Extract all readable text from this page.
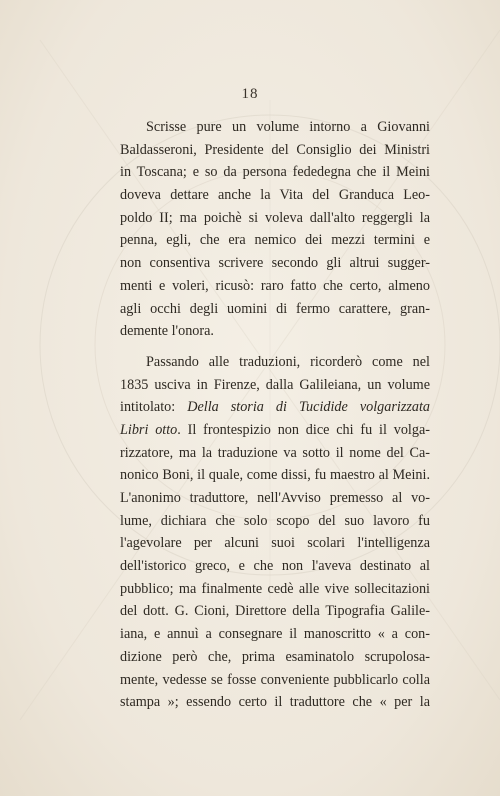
18
Scrisse pure un volume intorno a Giovanni
Baldasseroni, Presidente del Consiglio dei Ministri
in Toscana; e so da persona fededegna che il Meini
doveva dettare anche la Vita del Granduca Leo-
poldo II; ma poichè si voleva dall'alto reggergli la
penna, egli, che era nemico dei mezzi termini e
non consentiva scrivere secondo gli altrui sugger-
menti e voleri, ricusò: raro fatto che certo, almeno
agli occhi degli uomini di fermo carattere, gran-
demente l'onora.
Passando alle traduzioni, ricorderò come nel
1835 usciva in Firenze, dalla Galileiana, un volume
intitolato: Della storia di Tucidide volgarizzata
Libri otto. Il frontespizio non dice chi fu il volga-
rizzatore, ma la traduzione va sotto il nome del Ca-
nonico Boni, il quale, come dissi, fu maestro al Meini.
L'anonimo traduttore, nell'Avviso premesso al vo-
lume, dichiara che solo scopo del suo lavoro fu
l'agevolare per alcuni suoi scolari l'intelligenza
dell'istorico greco, e che non l'aveva destinato al
pubblico; ma finalmente cedè alle vive sollecitazioni
del dott. G. Cioni, Direttore della Tipografia Galile-
iana, e annuì a consegnare il manoscritto « a con-
dizione però che, prima esaminatolo scrupolosa-
mente, vedesse se fosse conveniente pubblicarlo colla
stampa »; essendo certo il traduttore che « per la
